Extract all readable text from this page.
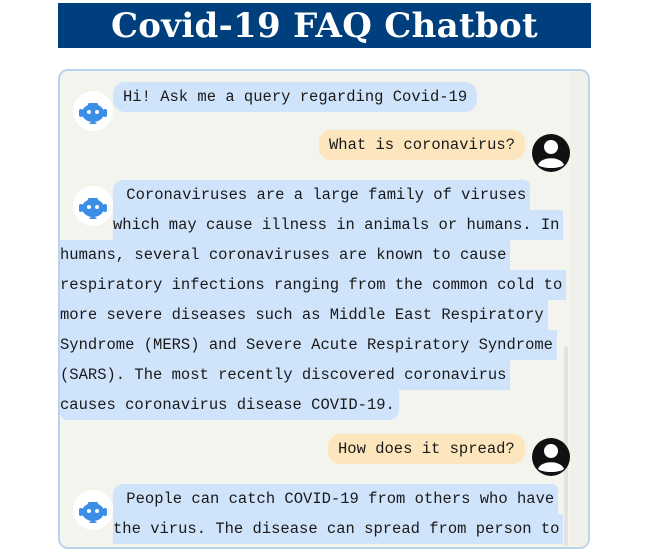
Covid-19 FAQ Chatbot
Hi! Ask me a query regarding Covid-19
What is coronavirus?
Coronaviruses are a large family of viruses
which may cause illness in animals or humans. In
humans, several coronaviruses are known to cause
respiratory infections ranging from the common cold to
more severe diseases such as Middle East Respiratory
Syndrome (MERS) and Severe Acute Respiratory Syndrome
(SARS). The most recently discovered coronavirus
causes coronavirus disease COVID-19.
How does it spread?
People can catch COVID-19 from others who have
the virus. The disease can spread from person to
